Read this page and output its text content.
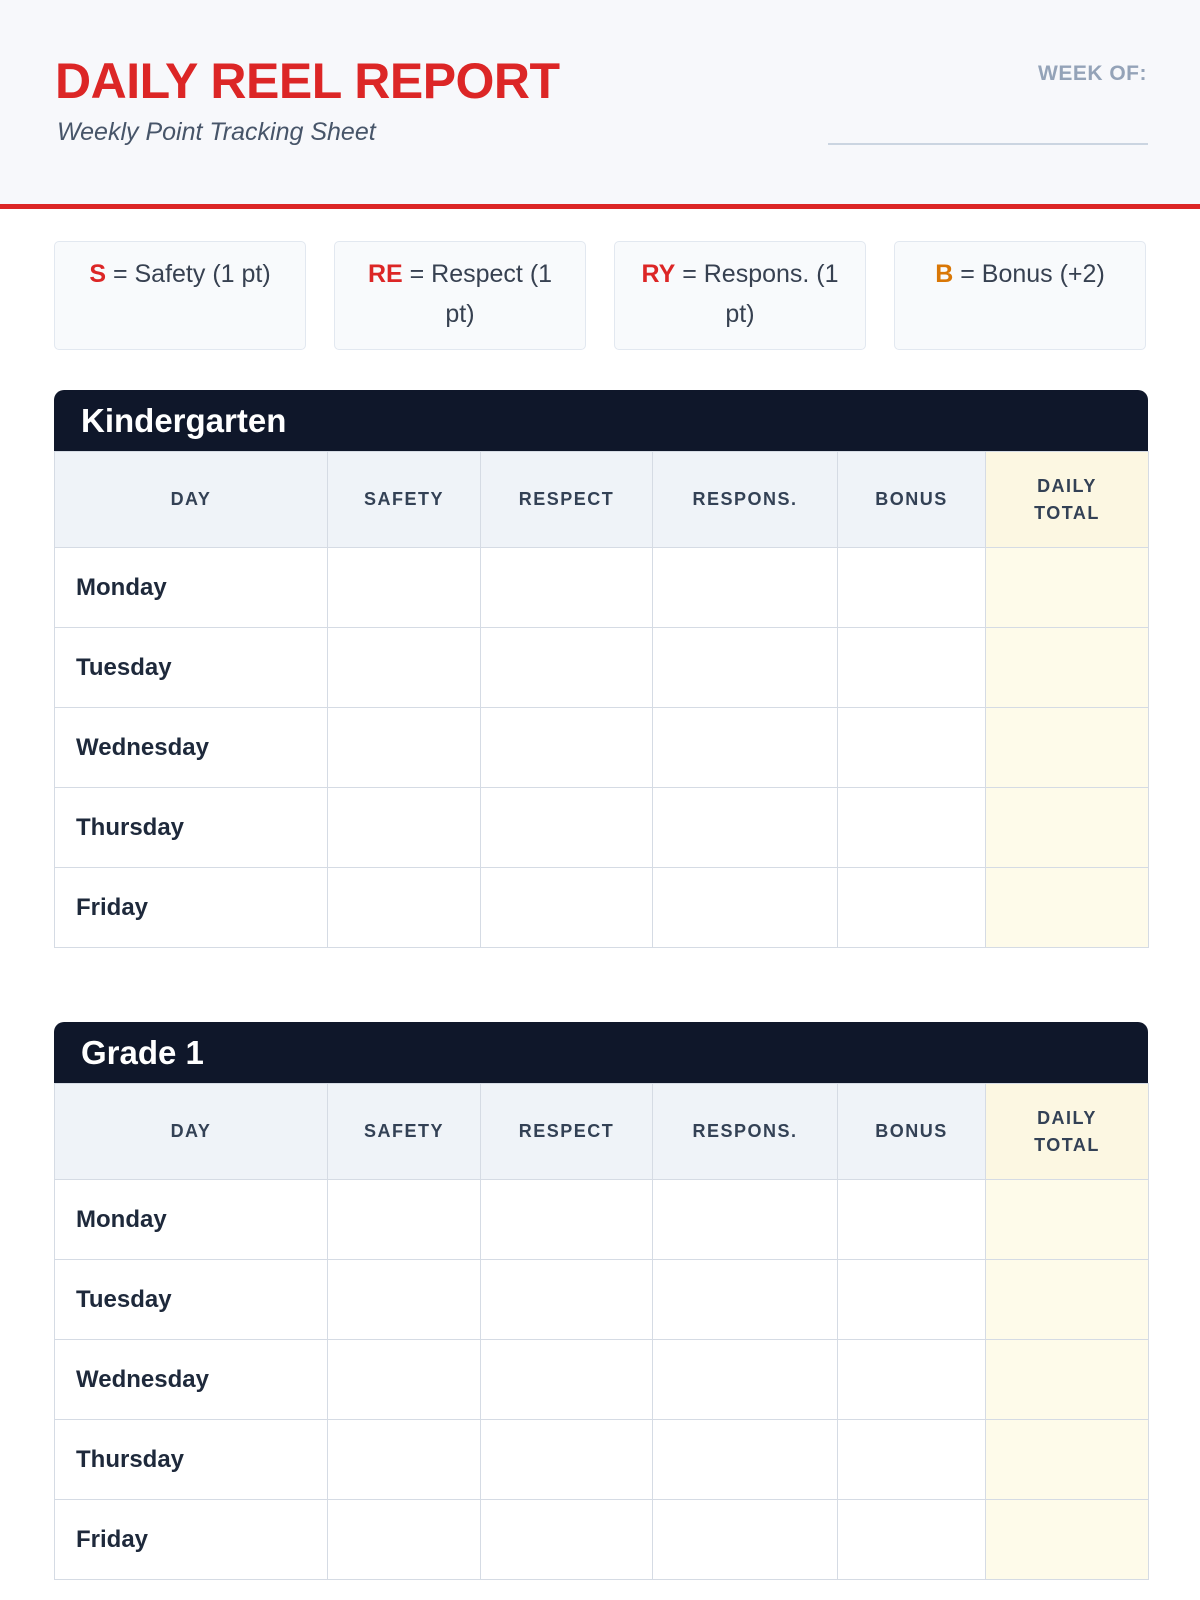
DAILY REEL REPORT
Weekly Point Tracking Sheet
WEEK OF:
S = Safety (1 pt)	RE = Respect (1 pt)
RY = Respons. (1 pt)
B = Bonus (+2)
Kindergarten
DAY	SAFETY	RESPECT	RESPONS.	BONUS	DAILY TOTAL
Monday					
Tuesday					
Wednesday					
Thursday					
Friday					
Grade 1
DAY	SAFETY	RESPECT	RESPONS.	BONUS	DAILY TOTAL
Monday					
Tuesday					
Wednesday					
Thursday					
Friday					
